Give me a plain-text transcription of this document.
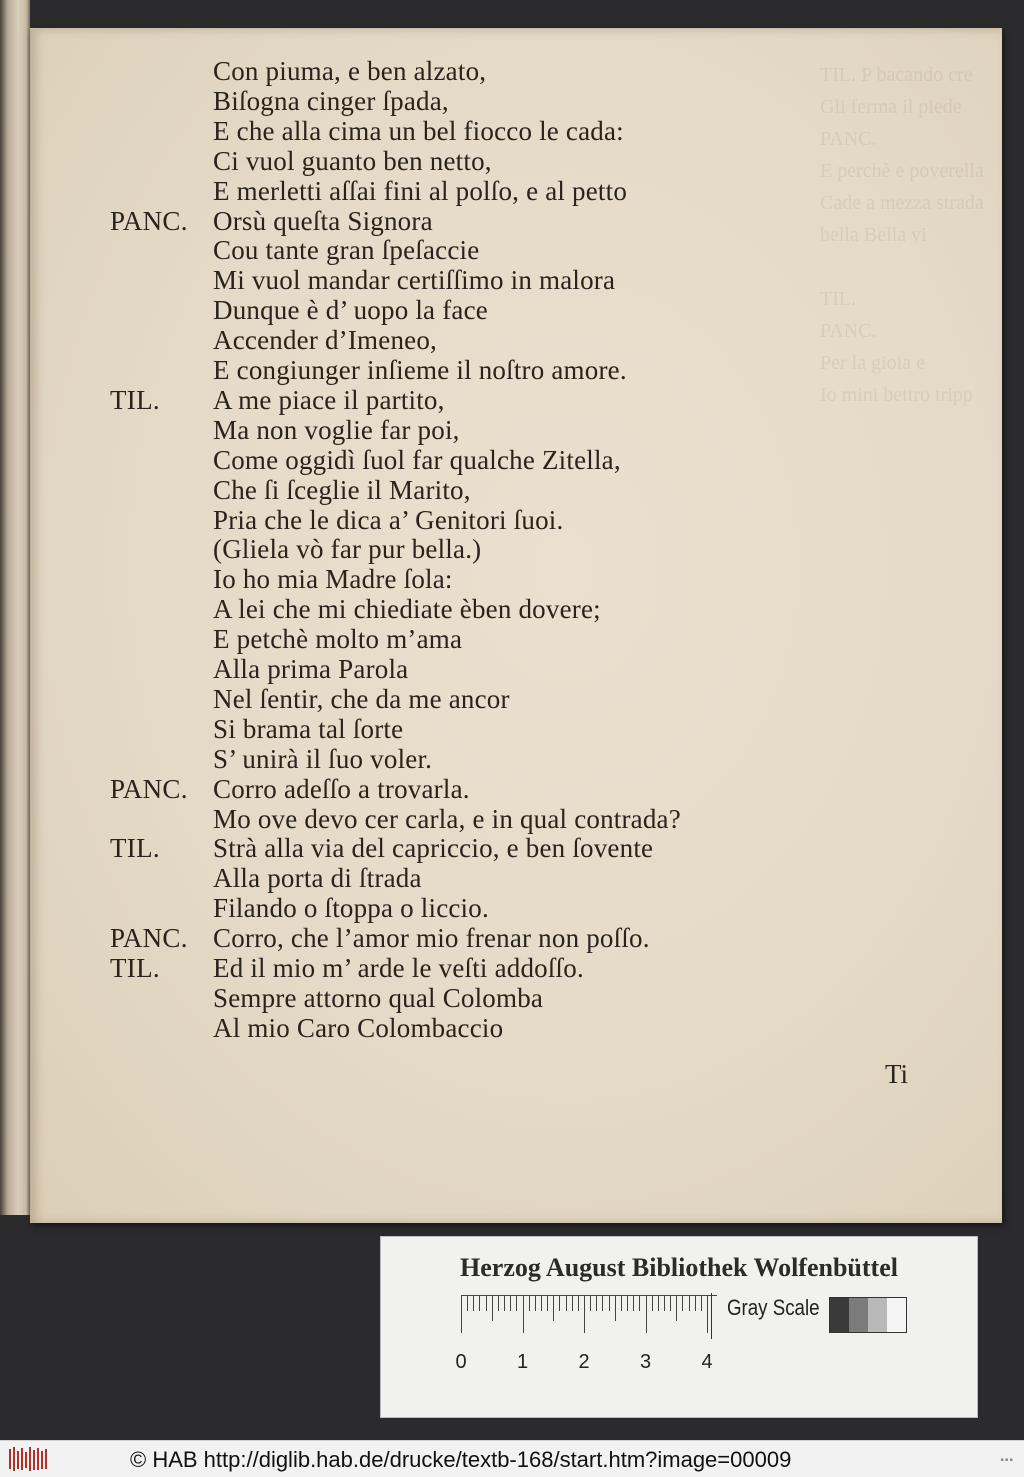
TIL. P bacando cre
Gli ferma il piede
PANC.
E perchè e poverella
Cade a mezza strada
bella Bella vi

TIL.
PANC.
Per la gioia e
Io mini bettro tripp
Con piuma, e ben alzato,
Biſogna cinger ſpada,
E che alla cima un bel fiocco le cada:
Ci vuol guanto ben netto,
E merletti aſſai fini al polſo, e al petto
PANC. Orsù queſta Signora
Cou tante gran ſpeſaccie
Mi vuol mandar certiſſimo in malora
Dunque è d’ uopo la face
Accender d’Imeneo,
E congiunger inſieme il noſtro amore.
TIL. A me piace il partito,
Ma non voglie far poi,
Come oggidì ſuol far qualche Zitella,
Che ſi ſceglie il Marito,
Pria che le dica a’ Genitori ſuoi.
(Gliela vò far pur bella.)
Io ho mia Madre ſola:
A lei che mi chiediate èben dovere;
E petchè molto m’ama
Alla prima Parola
Nel ſentir, che da me ancor
Si brama tal ſorte
S’ unirà il ſuo voler.
PANC. Corro adeſſo a trovarla.
Mo ove devo cer carla, e in qual contrada?
TIL. Strà alla via del capriccio, e ben ſovente
Alla porta di ſtrada
Filando o ſtoppa o liccio.
PANC. Corro, che l’amor mio frenar non poſſo.
TIL. Ed il mio m’ arde le veſti addoſſo.
Sempre attorno qual Colomba
Al mio Caro Colombaccio
Ti
Herzog August Bibliothek Wolfenbüttel
0	1	2	3	4
Gray Scale
© HAB http://diglib.hab.de/drucke/textb-168/start.htm?image=00009	▪▪▪
